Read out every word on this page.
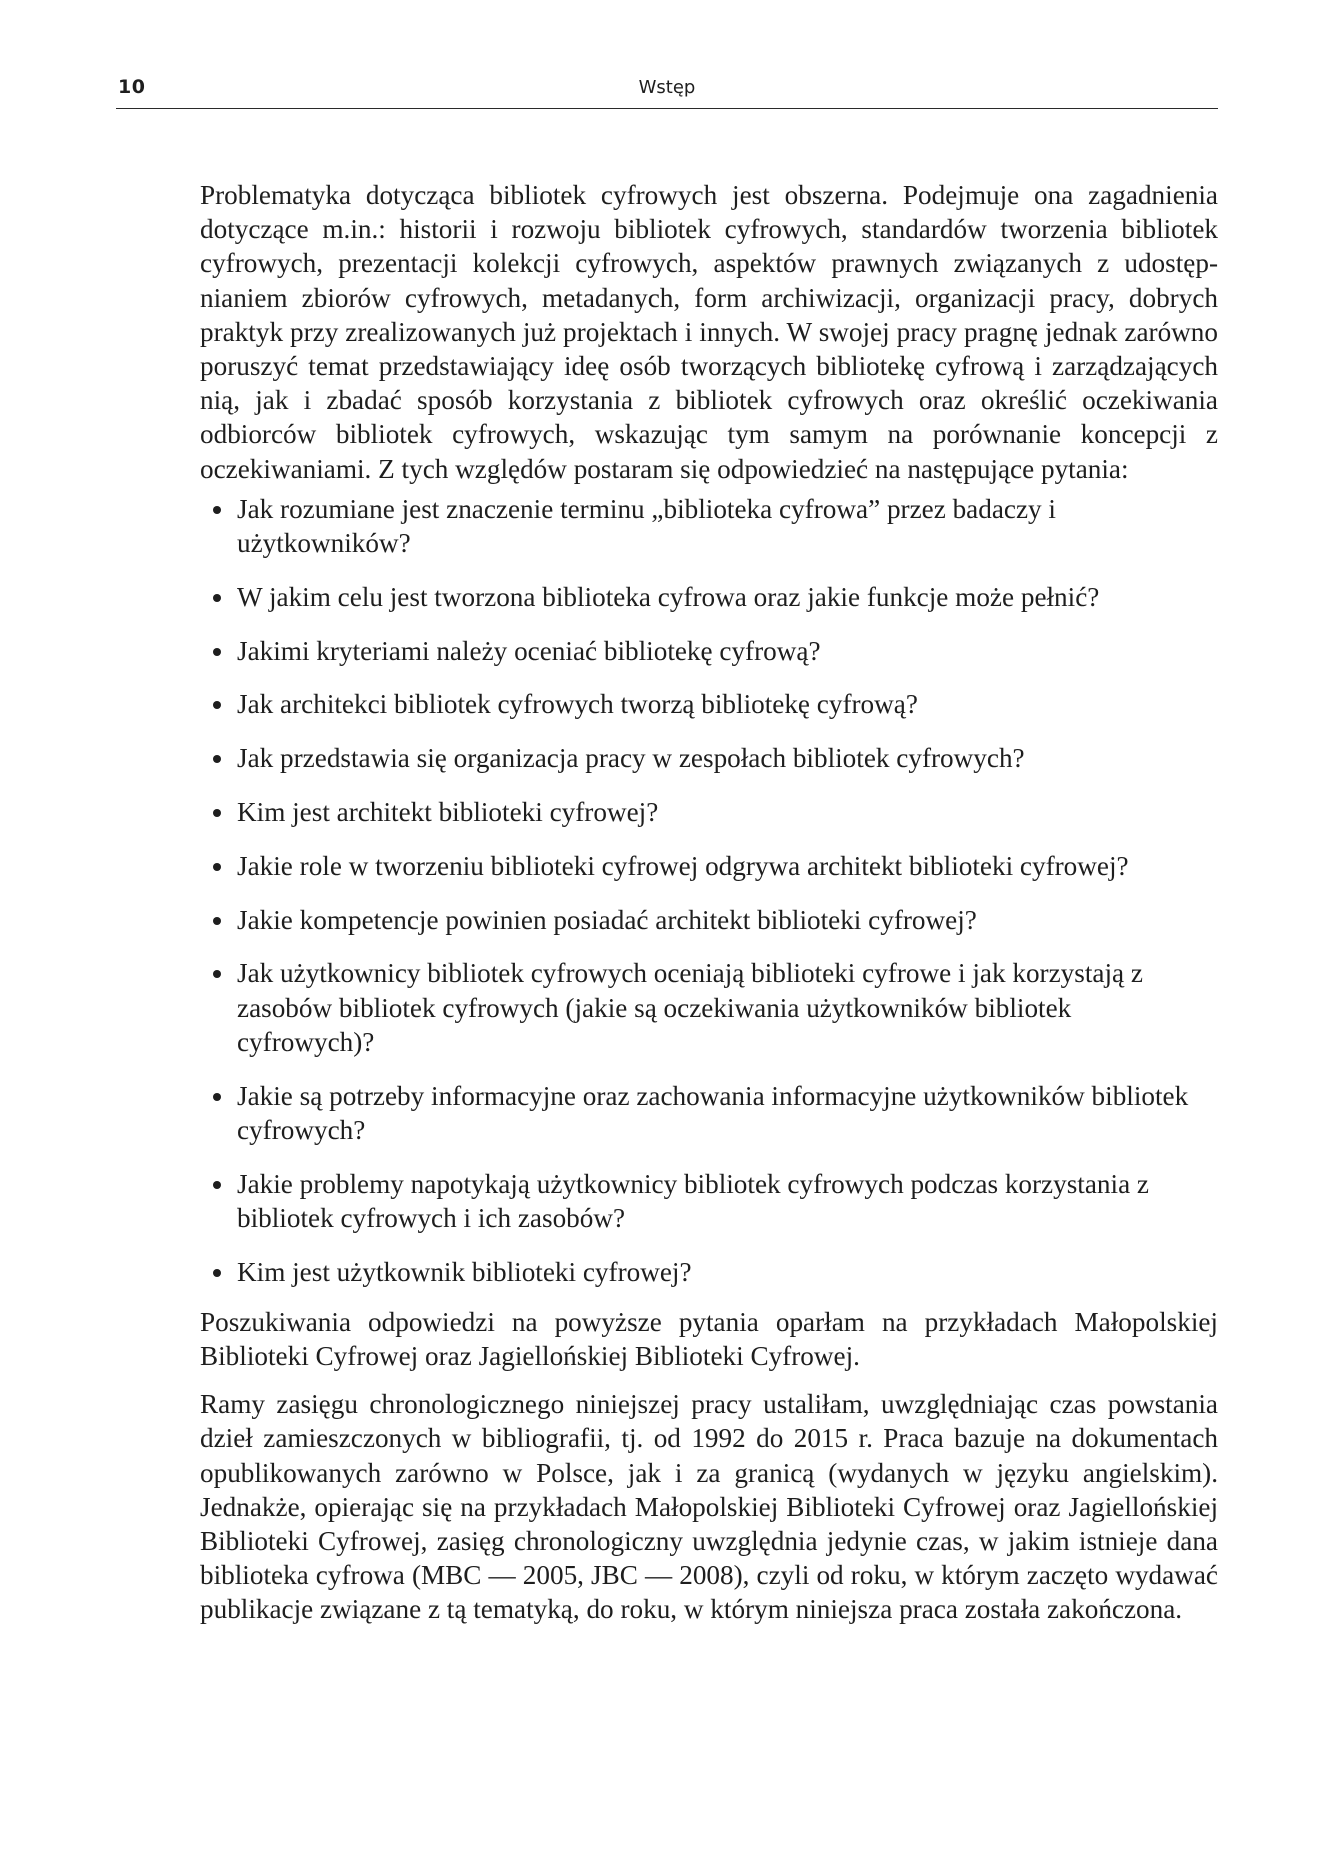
10	Wstęp

Problematyka dotycząca bibliotek cyfrowych jest obszerna. Podejmuje ona zagadnienia dotyczące m.in.: historii i rozwoju bibliotek cyfrowych, standardów tworzenia bibliotek cyfrowych, prezentacji kolekcji cyfrowych, aspektów prawnych związanych z udostępnianiem zbiorów cyfrowych, metadanych, form archiwizacji, organizacji pracy, dobrych praktyk przy zrealizowanych już projektach i innych. W swojej pracy pragnę jednak zarówno poruszyć temat przedstawiający ideę osób tworzących bibliotekę cyfrową i zarządzających nią, jak i zbadać sposób korzystania z bibliotek cyfrowych oraz określić oczekiwania odbiorców bibliotek cyfrowych, wskazując tym samym na porównanie koncepcji z oczekiwaniami. Z tych względów postaram się odpowiedzieć na następujące pytania:

Jak rozumiane jest znaczenie terminu „biblioteka cyfrowa” przez badaczy i użytkowników?
W jakim celu jest tworzona biblioteka cyfrowa oraz jakie funkcje może pełnić?
Jakimi kryteriami należy oceniać bibliotekę cyfrową?
Jak architekci bibliotek cyfrowych tworzą bibliotekę cyfrową?
Jak przedstawia się organizacja pracy w zespołach bibliotek cyfrowych?
Kim jest architekt biblioteki cyfrowej?
Jakie role w tworzeniu biblioteki cyfrowej odgrywa architekt biblioteki cyfrowej?
Jakie kompetencje powinien posiadać architekt biblioteki cyfrowej?
Jak użytkownicy bibliotek cyfrowych oceniają biblioteki cyfrowe i jak korzystają z zasobów bibliotek cyfrowych (jakie są oczekiwania użytkowników bibliotek cyfrowych)?
Jakie są potrzeby informacyjne oraz zachowania informacyjne użytkowników bibliotek cyfrowych?
Jakie problemy napotykają użytkownicy bibliotek cyfrowych podczas korzystania z bibliotek cyfrowych i ich zasobów?
Kim jest użytkownik biblioteki cyfrowej?

Poszukiwania odpowiedzi na powyższe pytania oparłam na przykładach Małopolskiej Biblioteki Cyfrowej oraz Jagiellońskiej Biblioteki Cyfrowej.

Ramy zasięgu chronologicznego niniejszej pracy ustaliłam, uwzględniając czas powstania dzieł zamieszczonych w bibliografii, tj. od 1992 do 2015 r. Praca bazuje na dokumentach opublikowanych zarówno w Polsce, jak i za granicą (wydanych w języku angielskim). Jednakże, opierając się na przykładach Małopolskiej Biblioteki Cyfrowej oraz Jagiellońskiej Biblioteki Cyfrowej, zasięg chronologiczny uwzględnia jedynie czas, w jakim istnieje dana biblioteka cyfrowa (MBC — 2005, JBC — 2008), czyli od roku, w którym zaczęto wydawać publikacje związane z tą tematyką, do roku, w którym niniejsza praca została zakończona.
